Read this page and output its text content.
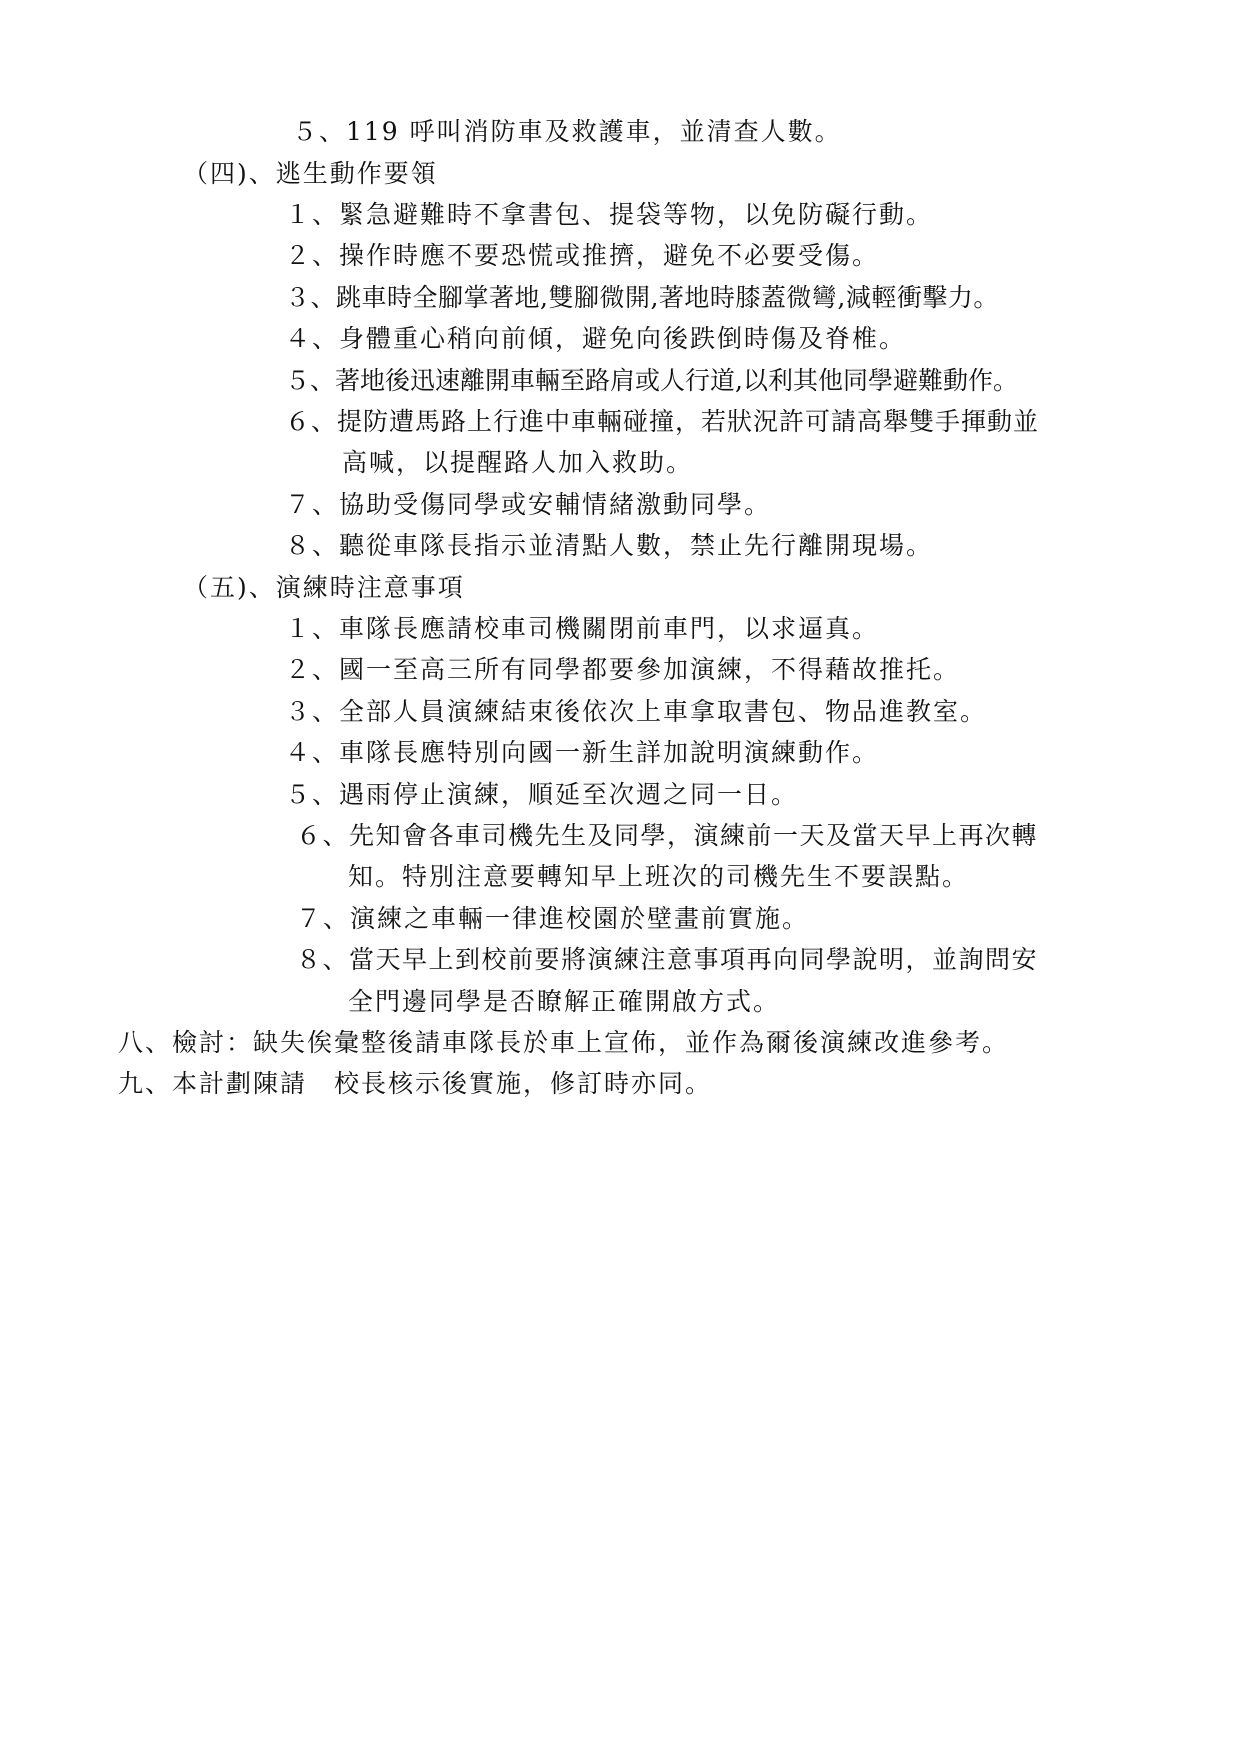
５、119 呼叫消防車及救護車，並清查人數。
（四)、逃生動作要領
１、緊急避難時不拿書包、提袋等物，以免防礙行動。
２、操作時應不要恐慌或推擠，避免不必要受傷。
３、跳車時全腳掌著地,雙腳微開,著地時膝蓋微彎,減輕衝擊力。
４、身體重心稍向前傾，避免向後跌倒時傷及脊椎。
５、著地後迅速離開車輛至路肩或人行道,以利其他同學避難動作。
６、提防遭馬路上行進中車輛碰撞，若狀況許可請高舉雙手揮動並
高喊，以提醒路人加入救助。
７、協助受傷同學或安輔情緒激動同學。
８、聽從車隊長指示並清點人數，禁止先行離開現場。
（五)、演練時注意事項
１、車隊長應請校車司機關閉前車門，以求逼真。
２、國一至高三所有同學都要參加演練，不得藉故推托。
３、全部人員演練結束後依次上車拿取書包、物品進教室。
４、車隊長應特別向國一新生詳加說明演練動作。
５、遇雨停止演練，順延至次週之同一日。
６、先知會各車司機先生及同學，演練前一天及當天早上再次轉
知。特別注意要轉知早上班次的司機先生不要誤點。
７、演練之車輛一律進校園於壁畫前實施。
８、當天早上到校前要將演練注意事項再向同學說明，並詢問安
全門邊同學是否瞭解正確開啟方式。
八、檢討：缺失俟彙整後請車隊長於車上宣佈，並作為爾後演練改進參考。
九、本計劃陳請　校長核示後實施，修訂時亦同。
